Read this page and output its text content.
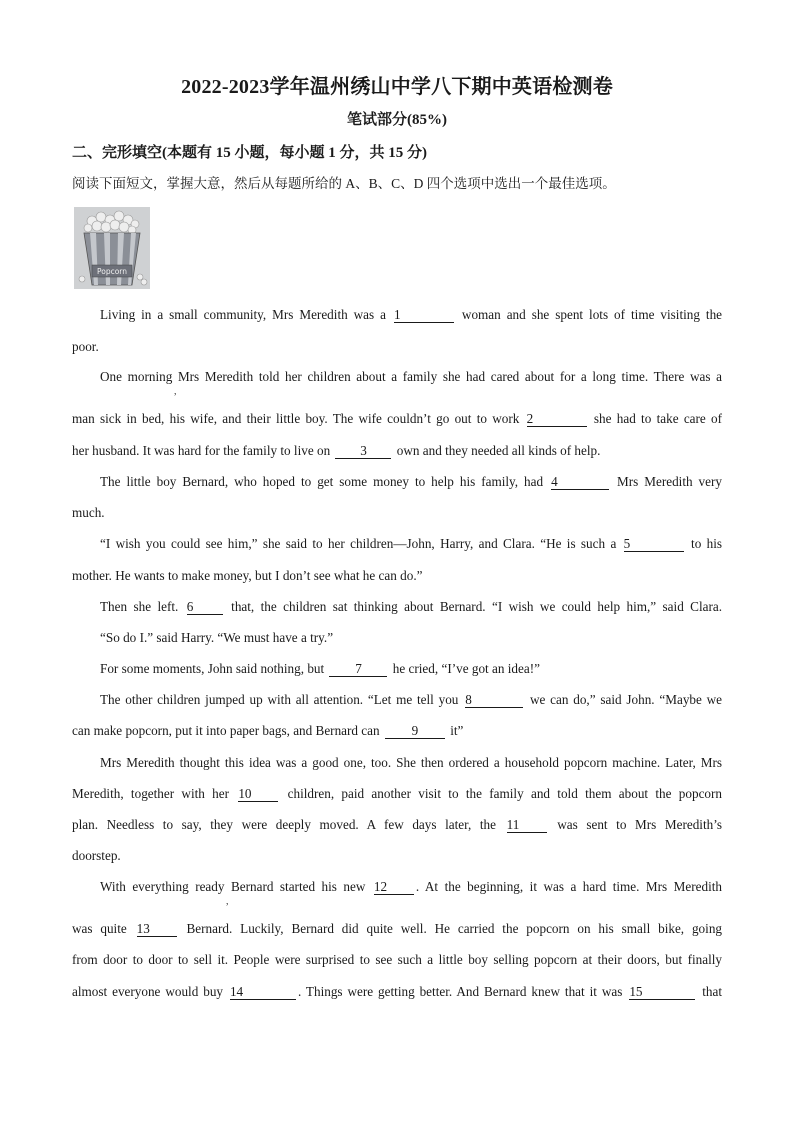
2022-2023学年温州绣山中学八下期中英语检测卷
笔试部分(85%)
二、完形填空(本题有 15 小题，每小题 1 分，共 15 分)
阅读下面短文，掌握大意，然后从每题所给的 A、B、C、D 四个选项中选出一个最佳选项。
Popcorn
Living in a small community, Mrs Meredith was a 1	woman and she spent lots of time visiting the
poor.
One morning Mrs Meredith told her children about a family she had cared about for a long time. There was a
,
man sick in bed, his wife, and their little boy. The wife couldn’t go out to work 2	she had to take care of
her husband. It was hard for the family to live on 3 own and they needed all kinds of help.
The little boy Bernard, who hoped to get some money to help his family, had 4	Mrs Meredith very
much.
“I wish you could see him,” she said to her children—John, Harry, and Clara. “He is such a 5	to his
mother. He wants to make money, but I don’t see what he can do.”
Then she left. 6	that, the children sat thinking about Bernard. “I wish we could help him,” said Clara.
“So do I.” said Harry. “We must have a try.”
For some moments, John said nothing, but 7 he cried, “I’ve got an idea!”
The other children jumped up with all attention. “Let me tell you 8	we can do,” said John. “Maybe we
can make popcorn, put it into paper bags, and Bernard can 9 it”
Mrs Meredith thought this idea was a good one, too. She then ordered a household popcorn machine. Later, Mrs
Meredith, together with her 10	children, paid another visit to the family and told them about the popcorn
plan. Needless to say, they were deeply moved. A few days later, the 11	was sent to Mrs Meredith’s
doorstep.
With everything ready Bernard started his new 12 . At the beginning, it was a hard time. Mrs Meredith
,
was quite 13	Bernard. Luckily, Bernard did quite well. He carried the popcorn on his small bike, going
from door to door to sell it. People were surprised to see such a little boy selling popcorn at their doors, but finally
almost everyone would buy 14	. Things were getting better. And Bernard knew that it was 15	that
